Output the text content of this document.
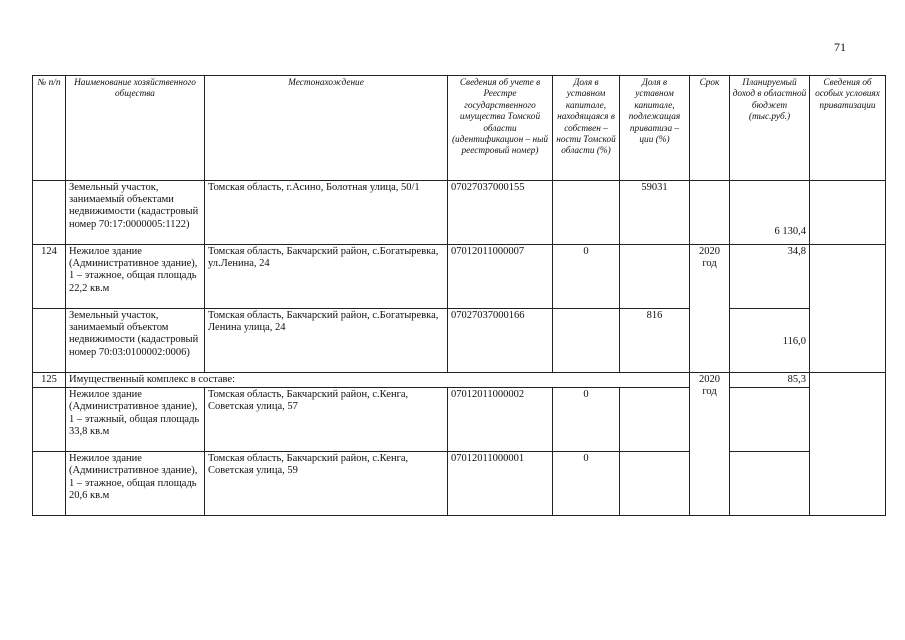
71
№ п/п	Наименование хозяйственного общества	Местонахождение	Сведения об учете в Реестре государственного имущества Томской области (идентификацион – ный реестровый номер)	Доля в уставном капитале, находящаяся в собствен – ности Томской области (%)	Доля в уставном капитале, подлежащая приватиза – ции (%)	Срок	Планируемый доход в областной бюджет (тыс.руб.)	Сведения об особых условиях приватизации
	Земельный участок, занимаемый объектами недвижимости (кадастровый номер 70:17:0000005:1122)	Томская область, г.Асино, Болотная улица, 50/1	07027037000155		59031		6 130,4	
124	Нежилое здание (Административное здание), 1 – этажное, общая площадь 22,2 кв.м	Томская область, Бакчарский район, с.Богатыревка, ул.Ленина, 24	07012011000007	0		2020 год	34,8	
	Земельный участок, занимаемый объектом недвижимости (кадастровый номер 70:03:0100002:0006)	Томская область, Бакчарский район, с.Богатыревка, Ленина улица, 24	07027037000166		816		116,0	
125	Имущественный комплекс в составе:					2020 год	85,3	
	Нежилое здание (Административное здание), 1 – этажный, общая площадь 33,8 кв.м	Томская область, Бакчарский район, с.Кенга, Советская улица, 57	07012011000002	0				
	Нежилое здание (Административное здание), 1 – этажное, общая площадь 20,6 кв.м	Томская область, Бакчарский район, с.Кенга, Советская улица, 59	07012011000001	0				
